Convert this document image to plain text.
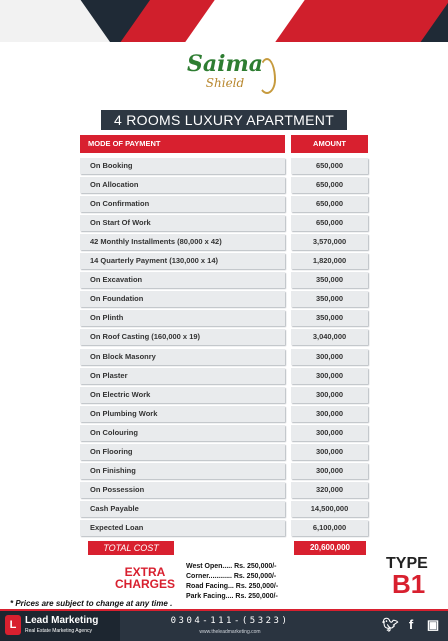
Saima
Shield
4 ROOMS LUXURY APARTMENT
MODE OF PAYMENT	AMOUNT
On Booking	650,000
On Allocation	650,000
On Confirmation	650,000
On Start Of Work	650,000
42 Monthly Installments (80,000 x 42)	3,570,000
14 Quarterly Payment (130,000 x 14)	1,820,000
On Excavation	350,000
On Foundation	350,000
On Plinth	350,000
On Roof Casting (160,000 x 19)	3,040,000
On Block Masonry	300,000
On Plaster	300,000
On Electric Work	300,000
On Plumbing Work	300,000
On Colouring	300,000
On Flooring	300,000
On Finishing	300,000
On Possession	320,000
Cash Payable	14,500,000
Expected Loan	6,100,000
TOTAL COST	20,600,000
EXTRA
CHARGES
West Open..... Rs. 250,000/-
Corner............ Rs. 250,000/-
Road Facing... Rs. 250,000/-
Park Facing.... Rs. 250,000/-
TYPE
B1
* Prices are subject to change at any time .
L Lead Marketing
Real Estate Marketing Agency
0304-111-(5323)
www.theleadmarketing.com	🐦︎ f	▣
